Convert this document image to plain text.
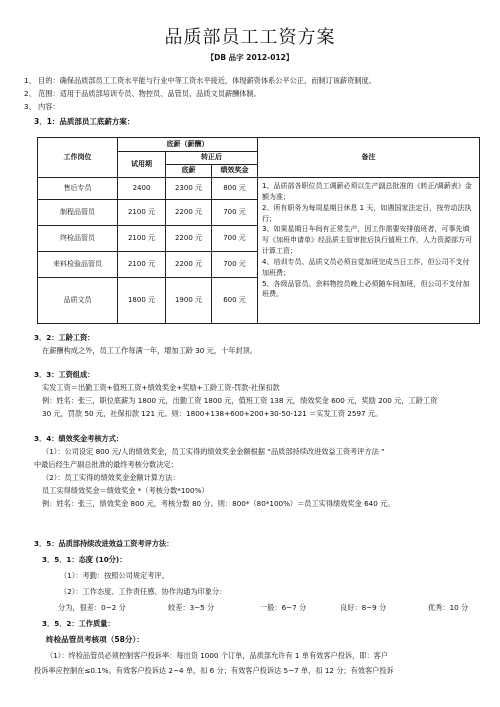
品质部员工工资方案
【DB 品字 2012-012】
1、 目的：确保品质部员工工资水平能与行业中等工资水平接近，体现薪资体系公平公正，而制订该薪资制度。
2、 范围：适用于品质部培训专员、物控员、品管员、品质文员薪酬体制。
3、 内容：
3．1：品质部员工底薪方案：
工作岗位	底薪（薪酬）			备注
	试用期	转正后		
		底薪	绩效奖金	
售后专员	2400	2300 元	800 元	1、品质部各职位员工调薪必须以生产副总批准的《转正/调薪表》金额为准；
2、所有职务为每周星期日休息 1 天，如遇国家法定日，按劳动法执行；
3、如果星期日车间有正常生产，因工作需要安排值班者，可事先填写《加班申请单》经品质主管审批后执行值班工作，人力资源部方可计算工资；
4、培训专员、品质文员必须自觉加班完成当日工作，但公司不支付加班费；
5、各级品管员、余料物控员晚上必须随车间加班，但公司不支付加班费。

制程品管员	2100 元	2200 元	700 元	
终检品管员	2100 元	2200 元	700 元	
来料检验品管员	2100 元	2200 元	700 元	
品质文员	1800 元	1900 元	600 元	
3．2：工龄工资：
在薪酬构成之外，员工工作每满一年，增加工龄 30 元，十年封顶。
3．3：工资组成：
实发工资＝出勤工资+值班工资+绩效奖金+奖励+工龄工资-罚款-社保扣款
例：姓名：张三，职位底薪为 1800 元，出勤工资 1800 元，值班工资 138 元，绩效奖金 600 元，奖励 200 元，工龄工资
30 元，罚款 50 元，社保扣款 121 元。则：1800+138+600+200+30-50-121 ＝实发工资 2597 元。
3．4：绩效奖金考核方式：
（1）：公司设定 800 元/人的绩效奖金，员工实得的绩效奖金金额根据 “品质部持续改进效益工资考评方法 ”
中最后经生产副总批准的最终考核分数决定；
（2）：员工实得的绩效奖金金额计算方法：
员工实得绩效奖金＝绩效奖金 *（考核分数*100%）
例：姓名：张三，绩效奖金 800 元，考核分数 80 分。则：800*（80*100%）＝员工实得绩效奖金 640 元。
3．5：品质部持续改进效益工资考评方法：
3．5．1：态度 (10分)：
（1）：考勤：按照公司规定考评。
（2）：工作态度、工作责任感、协作沟通为印象分：
分为，很差：0~2 分	较差：3~5 分	一般：6~7 分	良好：8~9 分	优秀：10 分
3．5．2：工作质量：
终检品管员考核项（58分）：
（1）：终检品管员必须控制客户投诉率：每出货 1000 个订单，品质部允许有 1 单有效客户投诉，即：客户
投诉率应控制在≤0.1%。有效客户投诉达 2~4 单，扣 6 分；有效客户投诉达 5~7 单，扣 12 分；有效客户投诉
